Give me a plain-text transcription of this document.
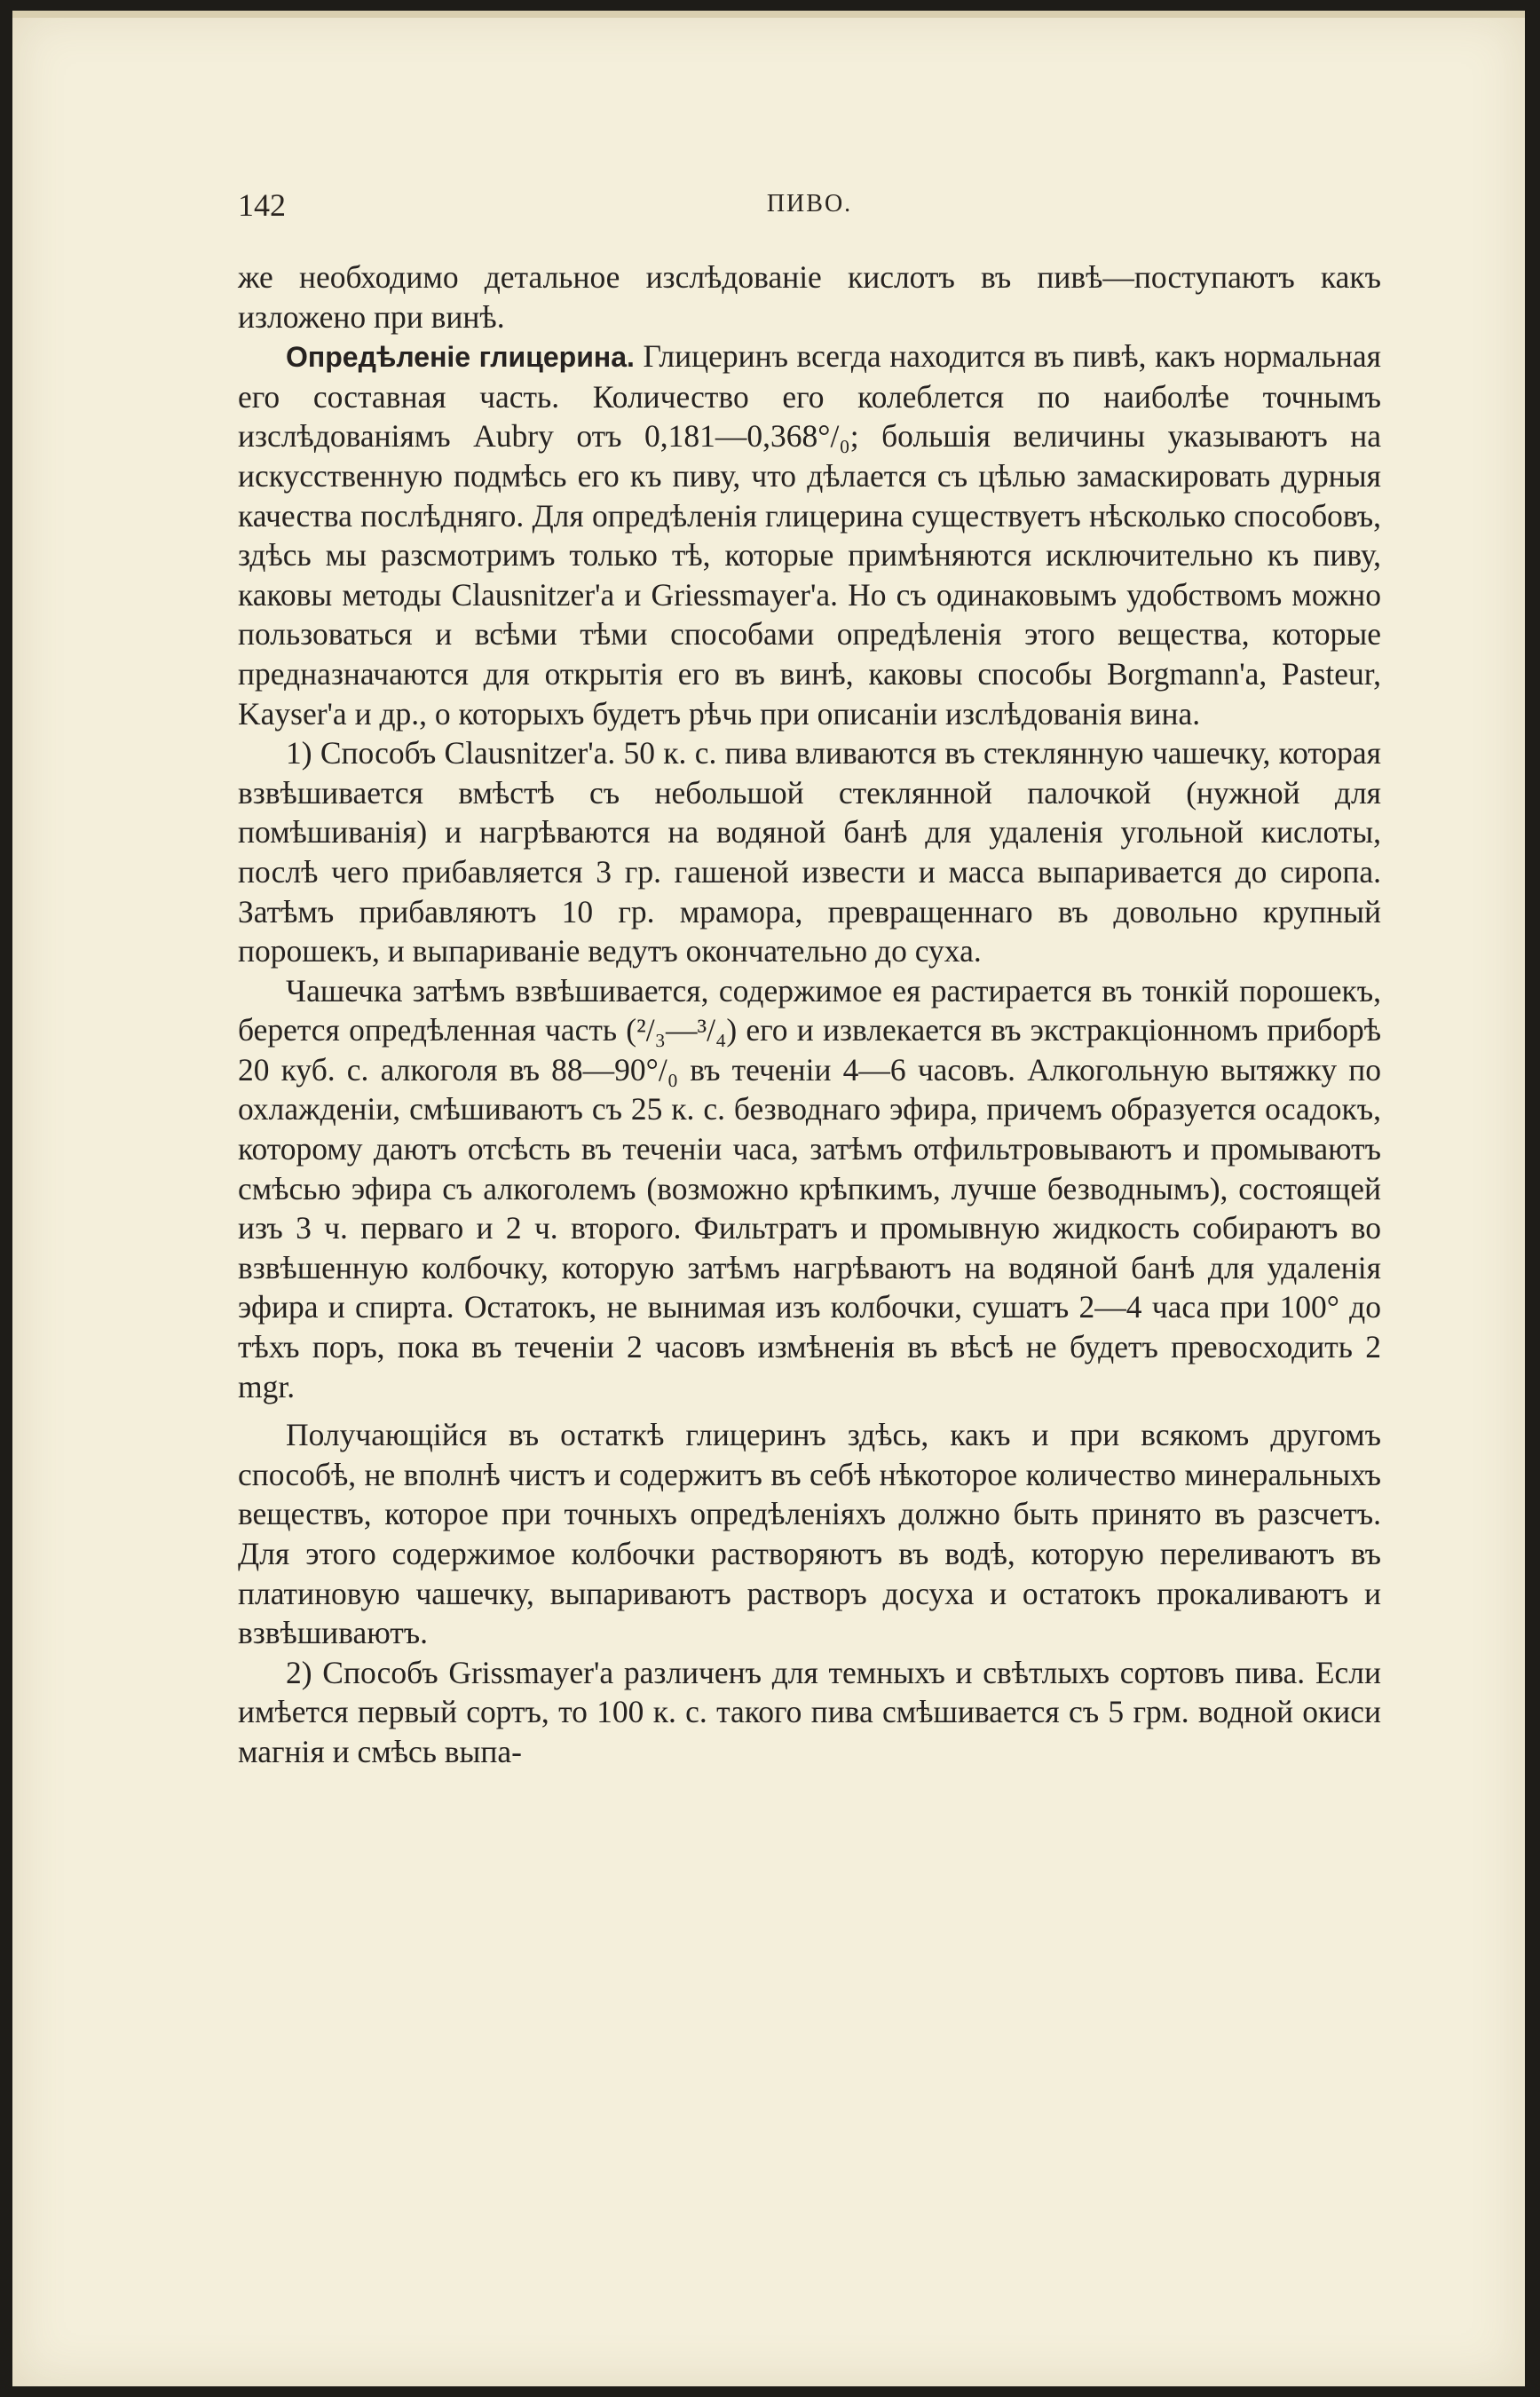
142	ПИВО.

же необходимо детальное изслѣдованіе кислотъ въ пивѣ—поступаютъ какъ изложено при винѣ.

Опредѣленіе глицерина. Глицеринъ всегда находится въ пивѣ, какъ нормальная его составная часть. Количество его колеблется по наиболѣе точнымъ изслѣдованіямъ Aubry отъ 0,181—0,368°/₀; большія величины указываютъ на искусственную подмѣсь его къ пиву, что дѣлается съ цѣлью замаскировать дурныя качества послѣдняго. Для опредѣленія глицерина существуетъ нѣсколько способовъ, здѣсь мы разсмотримъ только тѣ, которые примѣняются исключительно къ пиву, каковы методы Clausnitzer'a и Griessmayer'a. Но съ одинаковымъ удобствомъ можно пользоваться и всѣми тѣми способами опредѣленія этого вещества, которые предназначаются для открытія его въ винѣ, каковы способы Borgmann'a, Pasteur, Kayser'a и др., о которыхъ будетъ рѣчь при описаніи изслѣдованія вина.

1) Способъ Clausnitzer'a. 50 к. с. пива вливаются въ стеклянную чашечку, которая взвѣшивается вмѣстѣ съ небольшой стеклянной палочкой (нужной для помѣшиванія) и нагрѣваются на водяной банѣ для удаленія угольной кислоты, послѣ чего прибавляется 3 гр. гашеной извести и масса выпаривается до сиропа. Затѣмъ прибавляютъ 10 гр. мрамора, превращеннаго въ довольно крупный порошекъ, и выпариваніе ведутъ окончательно до суха.

Чашечка затѣмъ взвѣшивается, содержимое ея растирается въ тонкій порошекъ, берется опредѣленная часть (²/₃—³/₄) его и извлекается въ экстракціонномъ приборѣ 20 куб. с. алкоголя въ 88—90°/₀ въ теченіи 4—6 часовъ. Алкогольную вытяжку по охлажденіи, смѣшиваютъ съ 25 к. с. безводнаго эфира, причемъ образуется осадокъ, которому даютъ отсѣсть въ теченіи часа, затѣмъ отфильтровываютъ и промываютъ смѣсью эфира съ алкоголемъ (возможно крѣпкимъ, лучше безводнымъ), состоящей изъ 3 ч. перваго и 2 ч. второго. Фильтратъ и промывную жидкость собираютъ во взвѣшенную колбочку, которую затѣмъ нагрѣваютъ на водяной банѣ для удаленія эфира и спирта. Остатокъ, не вынимая изъ колбочки, сушатъ 2—4 часа при 100° до тѣхъ поръ, пока въ теченіи 2 часовъ измѣненія въ вѣсѣ не будетъ превосходить 2 mgr.

Получающійся въ остаткѣ глицеринъ здѣсь, какъ и при всякомъ другомъ способѣ, не вполнѣ чистъ и содержитъ въ себѣ нѣкоторое количество минеральныхъ веществъ, которое при точныхъ опредѣленіяхъ должно быть принято въ разсчетъ. Для этого содержимое колбочки растворяютъ въ водѣ, которую переливаютъ въ платиновую чашечку, выпариваютъ растворъ досуха и остатокъ прокаливаютъ и взвѣшиваютъ.

2) Способъ Grissmayer'a различенъ для темныхъ и свѣтлыхъ сортовъ пива. Если имѣется первый сортъ, то 100 к. с. такого пива смѣшивается съ 5 грм. водной окиси магнія и смѣсь выпа-
